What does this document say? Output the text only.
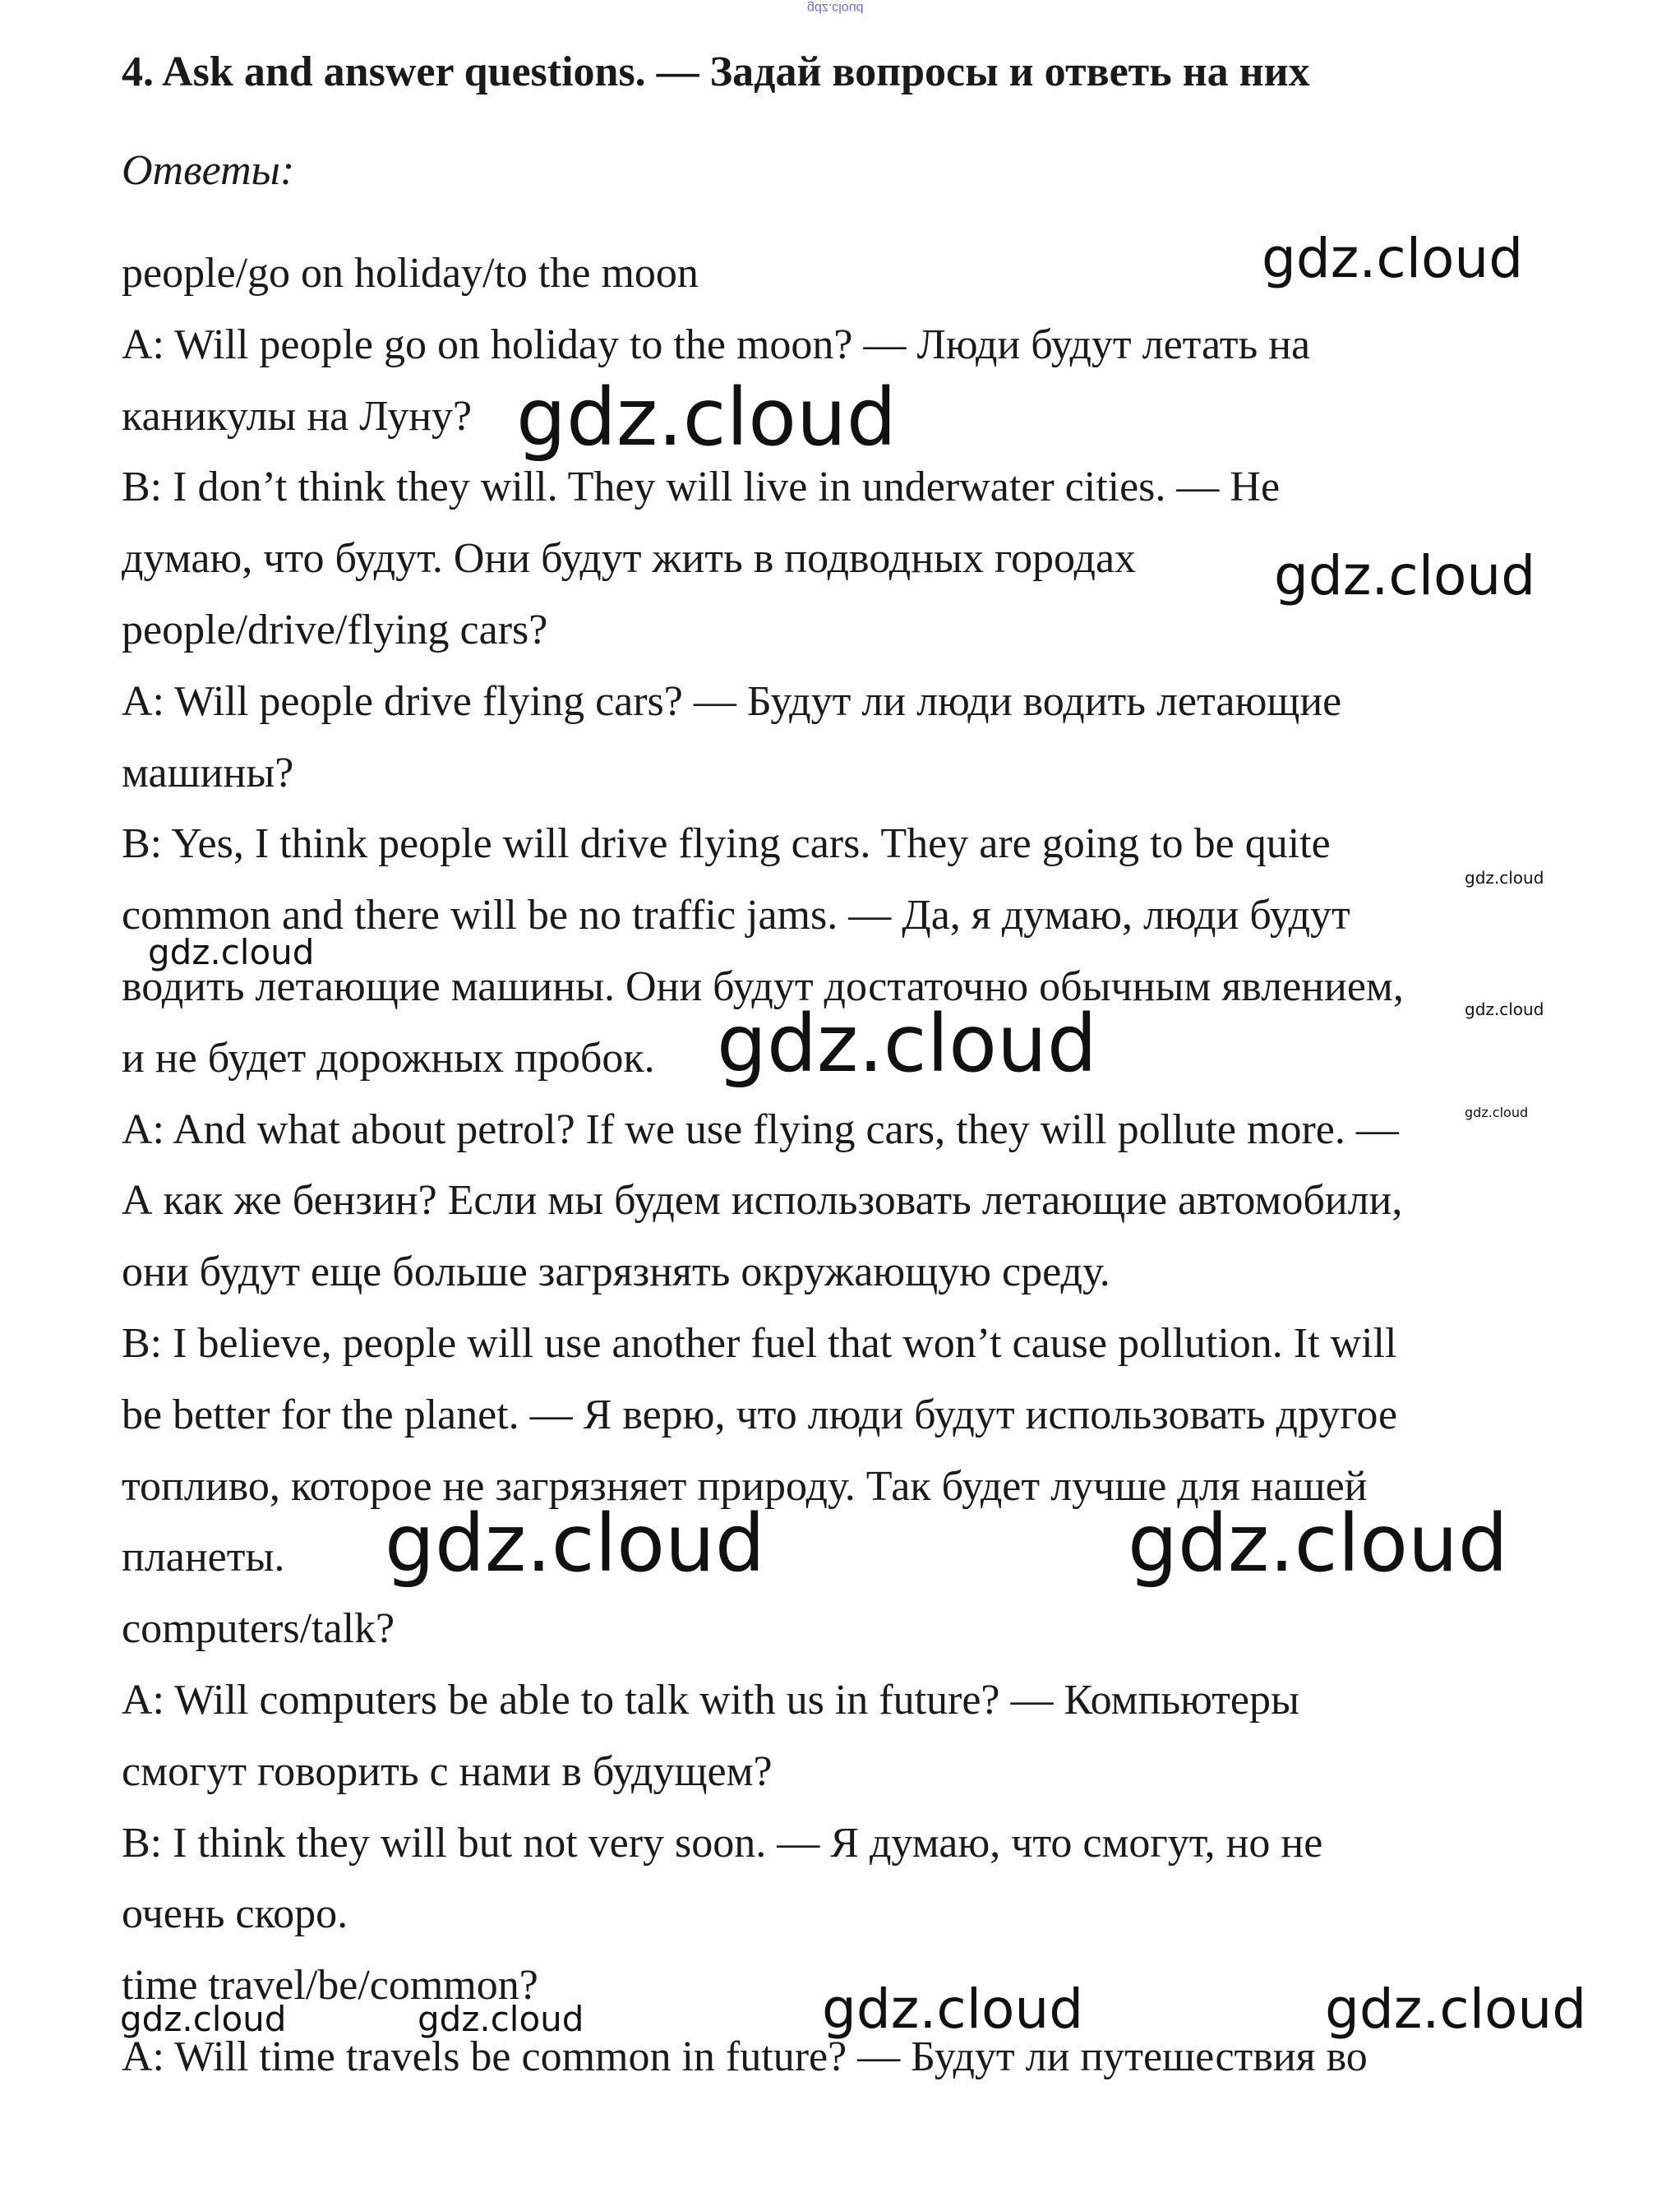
gdz.cloud
4. Ask and answer questions. — Задай вопросы и ответь на них
Ответы:
people/go on holiday/to the moon
A: Will people go on holiday to the moon? — Люди будут летать на
каникулы на Луну?
B: I don’t think they will. They will live in underwater cities. — Не
думаю, что будут. Они будут жить в подводных городах
people/drive/flying cars?
A: Will people drive flying cars? — Будут ли люди водить летающие
машины?
B: Yes, I think people will drive flying cars. They are going to be quite
common and there will be no traffic jams. — Да, я думаю, люди будут
водить летающие машины. Они будут достаточно обычным явлением,
и не будет дорожных пробок.
A: And what about petrol? If we use flying cars, they will pollute more. —
А как же бензин? Если мы будем использовать летающие автомобили,
они будут еще больше загрязнять окружающую среду.
B: I believe, people will use another fuel that won’t cause pollution. It will
be better for the planet. — Я верю, что люди будут использовать другое
топливо, которое не загрязняет природу. Так будет лучше для нашей
планеты.
computers/talk?
A: Will computers be able to talk with us in future? — Компьютеры
смогут говорить с нами в будущем?
B: I think they will but not very soon. — Я думаю, что смогут, но не
очень скоро.
time travel/be/common?
A: Will time travels be common in future? — Будут ли путешествия во
gdz.cloud
gdz.cloud
gdz.cloud
gdz.cloud
gdz.cloud
gdz.cloud
gdz.cloud
gdz.cloud
gdz.cloud	gdz.cloud
gdz.cloud	gdz.cloud
gdz.cloud	gdz.cloud
